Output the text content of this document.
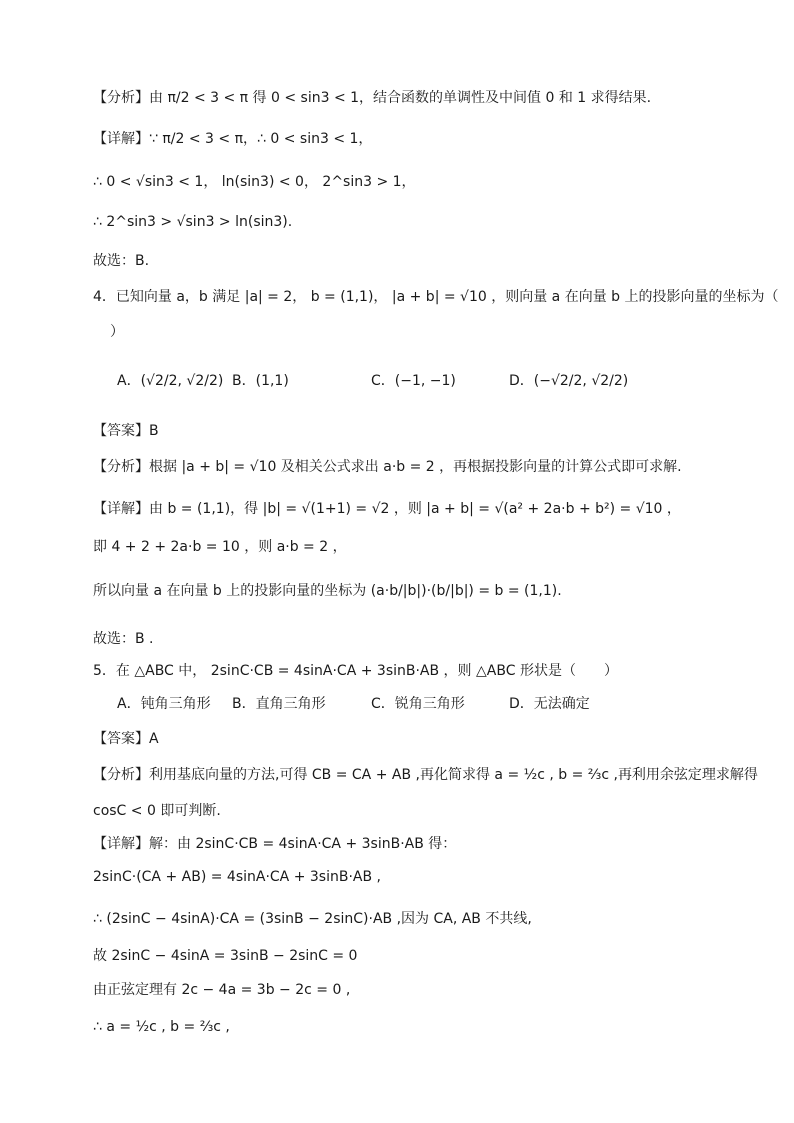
【分析】由 π/2 < 3 < π 得 0 < sin3 < 1，结合函数的单调性及中间值 0 和 1 求得结果.
【详解】∵ π/2 < 3 < π，∴ 0 < sin3 < 1，
∴ 0 < √sin3 < 1， ln(sin3) < 0， 2^sin3 > 1，
∴ 2^sin3 > √sin3 > ln(sin3).
故选：B.
4．已知向量 a，b 满足 |a| = 2， b = (1,1)， |a + b| = √10 ，则向量 a 在向量 b 上的投影向量的坐标为（
）
A．(√2/2, √2/2) B．(1,1)	C．(−1, −1)	D．(−√2/2, √2/2)
【答案】B
【分析】根据 |a + b| = √10 及相关公式求出 a·b = 2 ，再根据投影向量的计算公式即可求解.
【详解】由 b = (1,1)，得 |b| = √(1+1) = √2 ，则 |a + b| = √(a² + 2a·b + b²) = √10 ，
即 4 + 2 + 2a·b = 10 ，则 a·b = 2 ，
所以向量 a 在向量 b 上的投影向量的坐标为 (a·b/|b|)·(b/|b|) = b = (1,1).
故选：B .
5．在 △ABC 中， 2sinC·CB = 4sinA·CA + 3sinB·AB ，则 △ABC 形状是（　　）
A．钝角三角形 B．直角三角形	C．锐角三角形	D．无法确定
【答案】A
【分析】利用基底向量的方法,可得 CB = CA + AB ,再化简求得 a = ½c , b = ⅔c ,再利用余弦定理求解得
cosC < 0 即可判断.
【详解】解：由 2sinC·CB = 4sinA·CA + 3sinB·AB 得：
2sinC·(CA + AB) = 4sinA·CA + 3sinB·AB ,
∴ (2sinC − 4sinA)·CA = (3sinB − 2sinC)·AB ,因为 CA, AB 不共线,
故 2sinC − 4sinA = 3sinB − 2sinC = 0
由正弦定理有 2c − 4a = 3b − 2c = 0 ,
∴ a = ½c , b = ⅔c ,
